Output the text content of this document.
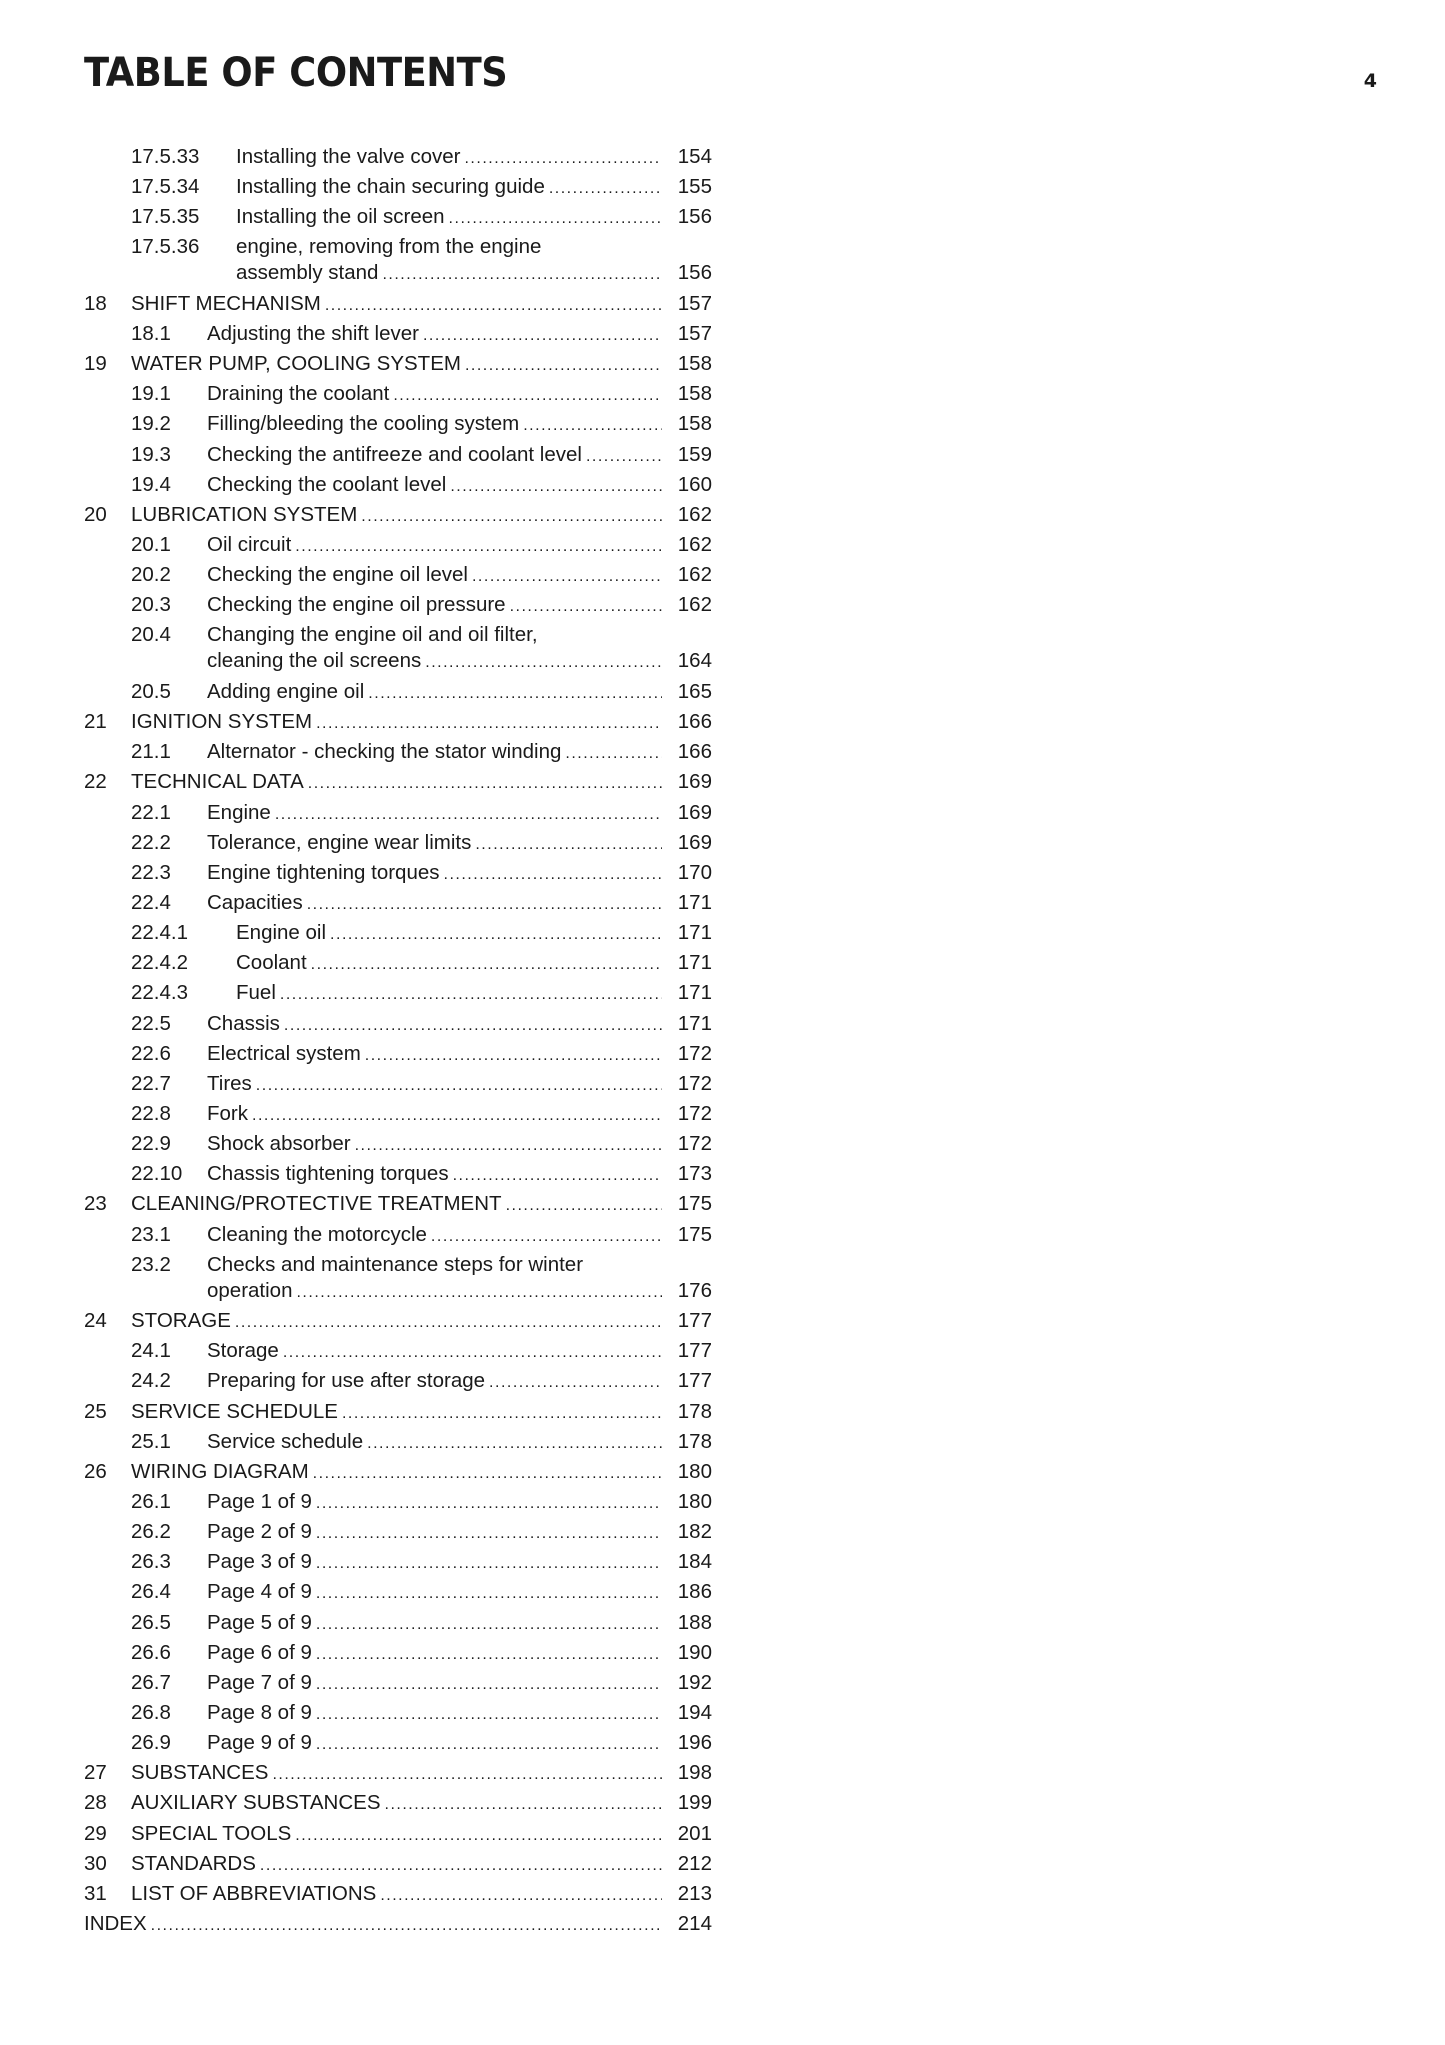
TABLE OF CONTENTS	4
17.5.33 Installing the valve cover .....	154
17.5.34 Installing the chain securing guide .....	155
17.5.35 Installing the oil screen .....	156
17.5.36 engine, removing from the engine
assembly stand .....	156
18 SHIFT MECHANISM .....	157
18.1 Adjusting the shift lever .....	157
19 WATER PUMP, COOLING SYSTEM .....	158
19.1 Draining the coolant .....	158
19.2 Filling/bleeding the cooling system .....	158
19.3 Checking the antifreeze and coolant level .....	159
19.4 Checking the coolant level .....	160
20 LUBRICATION SYSTEM .....	162
20.1 Oil circuit .....	162
20.2 Checking the engine oil level .....	162
20.3 Checking the engine oil pressure .....	162
20.4 Changing the engine oil and oil filter,
cleaning the oil screens .....	164
20.5 Adding engine oil .....	165
21 IGNITION SYSTEM .....	166
21.1 Alternator - checking the stator winding .....	166
22 TECHNICAL DATA .....	169
22.1 Engine .....	169
22.2 Tolerance, engine wear limits .....	169
22.3 Engine tightening torques .....	170
22.4 Capacities .....	171
22.4.1 Engine oil .....	171
22.4.2 Coolant .....	171
22.4.3 Fuel .....	171
22.5 Chassis .....	171
22.6 Electrical system .....	172
22.7 Tires .....	172
22.8 Fork .....	172
22.9 Shock absorber .....	172
22.10 Chassis tightening torques .....	173
23 CLEANING/PROTECTIVE TREATMENT .....	175
23.1 Cleaning the motorcycle .....	175
23.2 Checks and maintenance steps for winter
operation .....	176
24 STORAGE .....	177
24.1 Storage .....	177
24.2 Preparing for use after storage .....	177
25 SERVICE SCHEDULE .....	178
25.1 Service schedule .....	178
26 WIRING DIAGRAM .....	180
26.1 Page 1 of 9 .....	180
26.2 Page 2 of 9 .....	182
26.3 Page 3 of 9 .....	184
26.4 Page 4 of 9 .....	186
26.5 Page 5 of 9 .....	188
26.6 Page 6 of 9 .....	190
26.7 Page 7 of 9 .....	192
26.8 Page 8 of 9 .....	194
26.9 Page 9 of 9 .....	196
27 SUBSTANCES .....	198
28 AUXILIARY SUBSTANCES .....	199
29 SPECIAL TOOLS .....	201
30 STANDARDS .....	212
31 LIST OF ABBREVIATIONS .....	213
INDEX .....	214
